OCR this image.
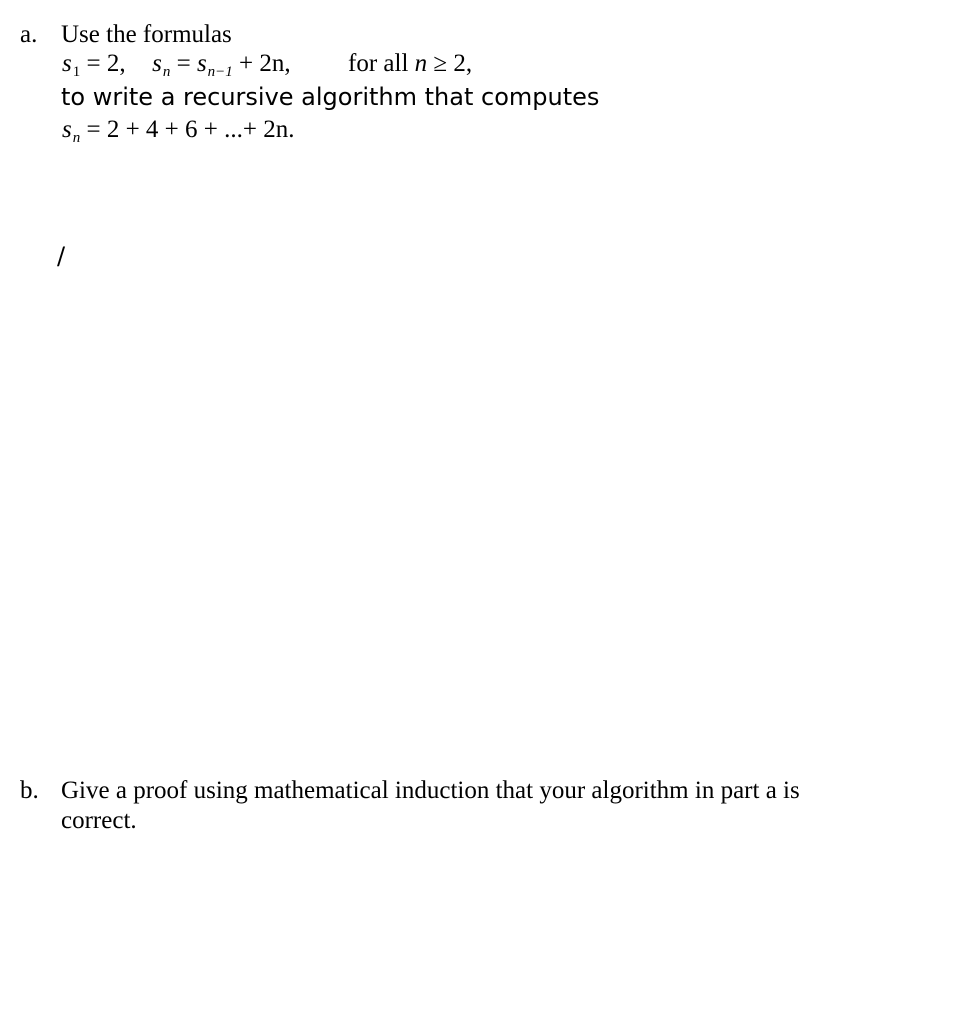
a. Use the formulas
$s_1 = 2$, $s_n = s_{n-1} + 2n$, for all n ≥ 2,
to write a recursive algorithm that computes
$s_n = 2 + 4 + 6$ + ...+ 2n.
/
b. Give a proof using mathematical induction that your algorithm in part a is
correct.
